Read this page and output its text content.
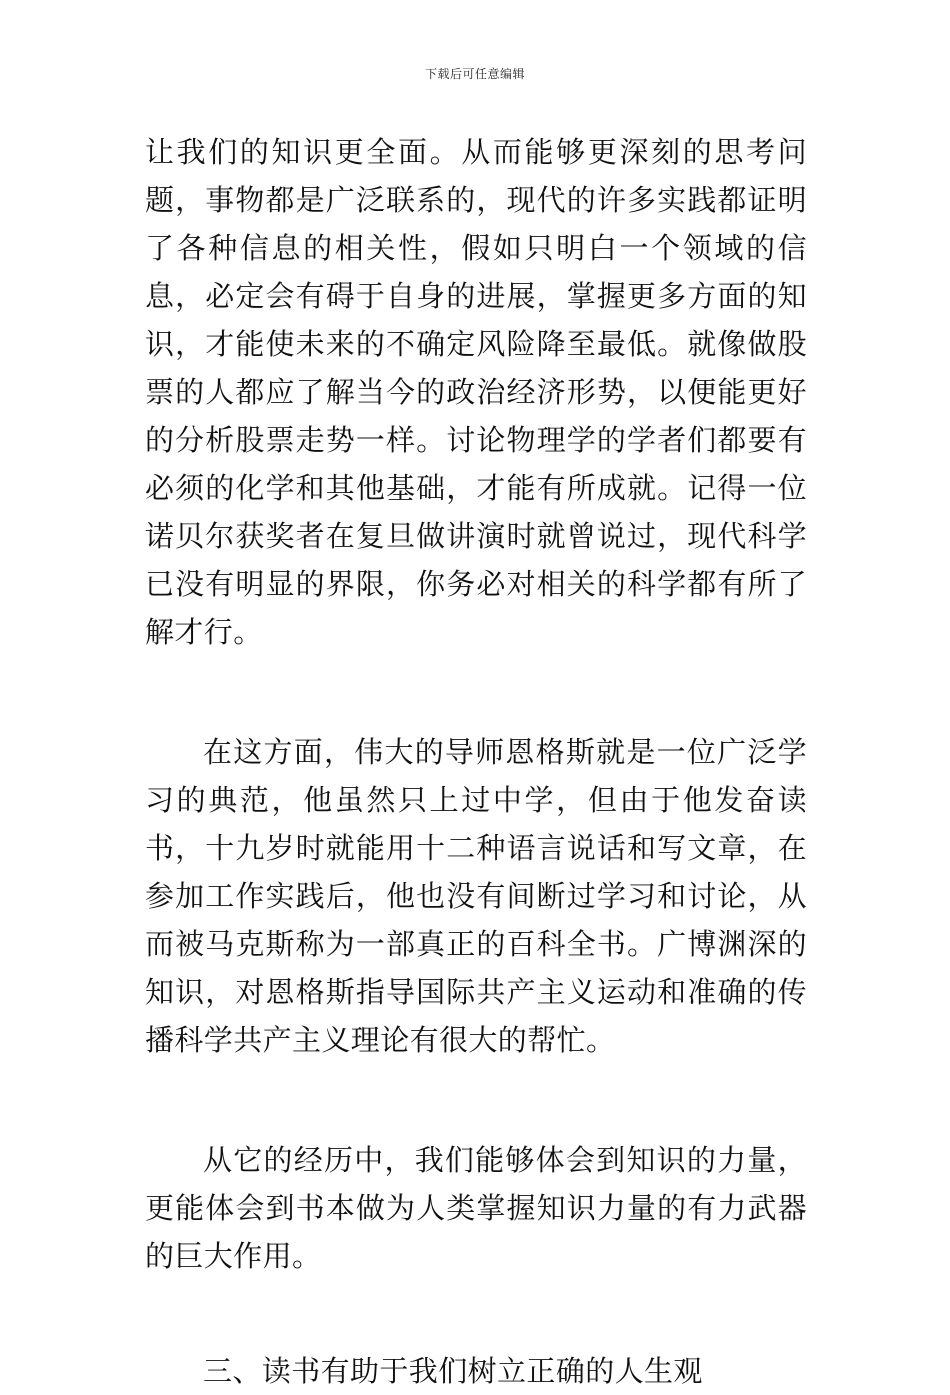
下载后可任意编辑

让我们的知识更全面。从而能够更深刻的思考问题，事物都是广泛联系的，现代的许多实践都证明了各种信息的相关性，假如只明白一个领域的信息，必定会有碍于自身的进展，掌握更多方面的知识，才能使未来的不确定风险降至最低。就像做股票的人都应了解当今的政治经济形势，以便能更好的分析股票走势一样。讨论物理学的学者们都要有必须的化学和其他基础，才能有所成就。记得一位诺贝尔获奖者在复旦做讲演时就曾说过，现代科学已没有明显的界限，你务必对相关的科学都有所了解才行。

在这方面，伟大的导师恩格斯就是一位广泛学习的典范，他虽然只上过中学，但由于他发奋读书，十九岁时就能用十二种语言说话和写文章，在参加工作实践后，他也没有间断过学习和讨论，从而被马克斯称为一部真正的百科全书。广博渊深的知识，对恩格斯指导国际共产主义运动和准确的传播科学共产主义理论有很大的帮忙。

从它的经历中，我们能够体会到知识的力量，更能体会到书本做为人类掌握知识力量的有力武器的巨大作用。

三、读书有助于我们树立正确的人生观
